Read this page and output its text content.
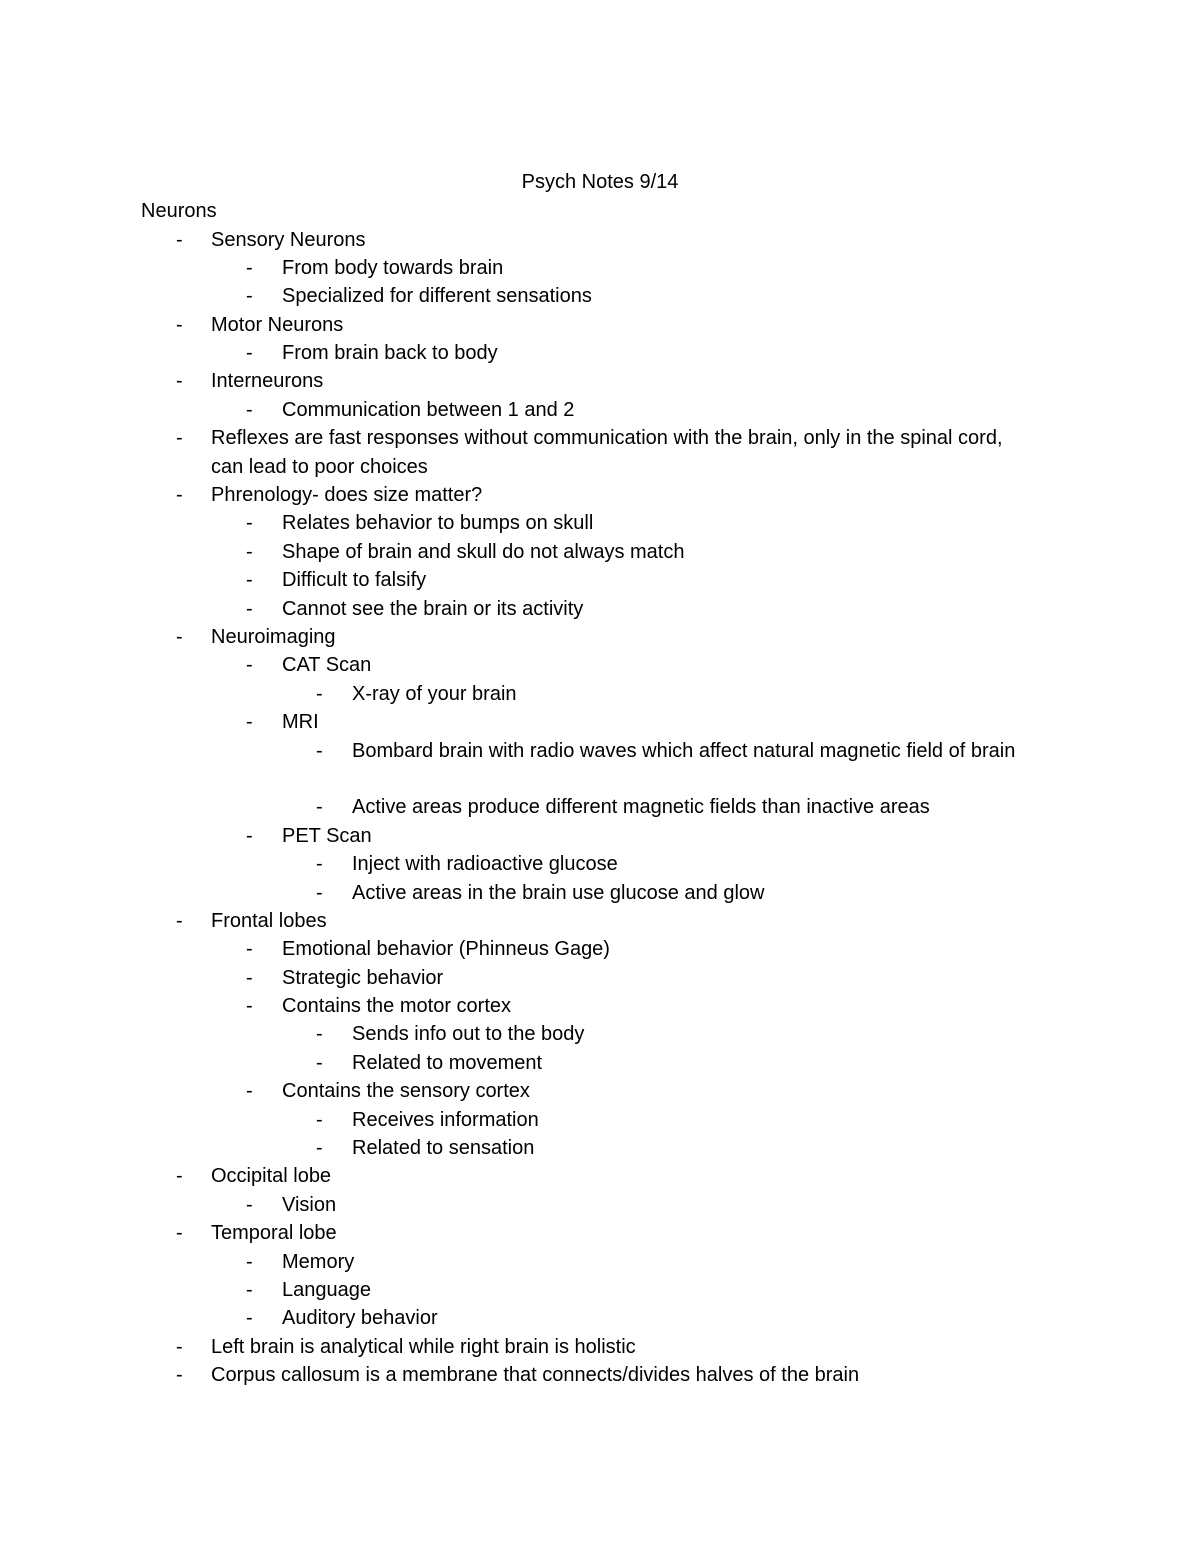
Psych Notes 9/14
Neurons
- Sensory Neurons
- From body towards brain
- Specialized for different sensations
- Motor Neurons
- From brain back to body
- Interneurons
- Communication between 1 and 2
- Reflexes are fast responses without communication with the brain, only in the spinal cord, can lead to poor choices
- Phrenology- does size matter?
- Relates behavior to bumps on skull
- Shape of brain and skull do not always match
- Difficult to falsify
- Cannot see the brain or its activity
- Neuroimaging
- CAT Scan
- X-ray of your brain
- MRI
- Bombard brain with radio waves which affect natural magnetic field of brain
- Active areas produce different magnetic fields than inactive areas
- PET Scan
- Inject with radioactive glucose
- Active areas in the brain use glucose and glow
- Frontal lobes
- Emotional behavior (Phinneus Gage)
- Strategic behavior
- Contains the motor cortex
- Sends info out to the body
- Related to movement
- Contains the sensory cortex
- Receives information
- Related to sensation
- Occipital lobe
- Vision
- Temporal lobe
- Memory
- Language
- Auditory behavior
- Left brain is analytical while right brain is holistic
- Corpus callosum is a membrane that connects/divides halves of the brain
